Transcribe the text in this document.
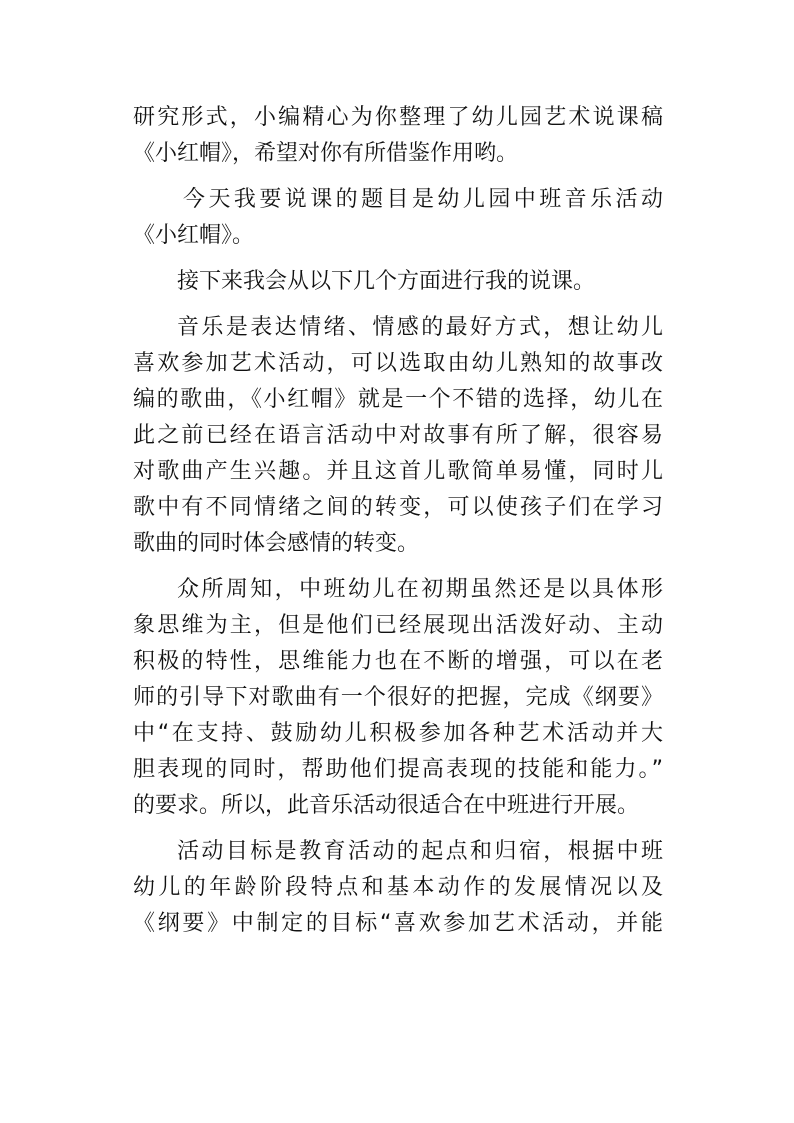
研究形式，小编精心为你整理了幼儿园艺术说课稿
《小红帽》，希望对你有所借鉴作用哟。

今天我要说课的题目是幼儿园中班音乐活动
《小红帽》。

接下来我会从以下几个方面进行我的说课。

音乐是表达情绪、情感的最好方式，想让幼儿
喜欢参加艺术活动，可以选取由幼儿熟知的故事改
编的歌曲，《小红帽》就是一个不错的选择，幼儿在
此之前已经在语言活动中对故事有所了解，很容易
对歌曲产生兴趣。并且这首儿歌简单易懂，同时儿
歌中有不同情绪之间的转变，可以使孩子们在学习
歌曲的同时体会感情的转变。

众所周知，中班幼儿在初期虽然还是以具体形
象思维为主，但是他们已经展现出活泼好动、主动
积极的特性，思维能力也在不断的增强，可以在老
师的引导下对歌曲有一个很好的把握，完成《纲要》
中“在支持、鼓励幼儿积极参加各种艺术活动并大
胆表现的同时，帮助他们提高表现的技能和能力。”
的要求。所以，此音乐活动很适合在中班进行开展。

活动目标是教育活动的起点和归宿，根据中班
幼儿的年龄阶段特点和基本动作的发展情况以及
《纲要》中制定的目标“喜欢参加艺术活动，并能
